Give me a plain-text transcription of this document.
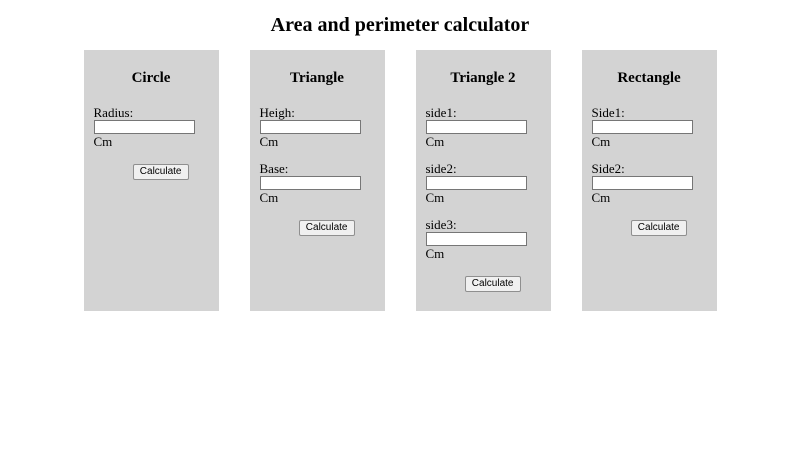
Area and perimeter calculator
Circle
Radius:
Cm
Calculate
Triangle
Heigh:
Cm
Base:
Cm
Calculate
Triangle 2
side1:
Cm
side2:
Cm
side3:
Cm
Calculate
Rectangle
Side1:
Cm
Side2:
Cm
Calculate
